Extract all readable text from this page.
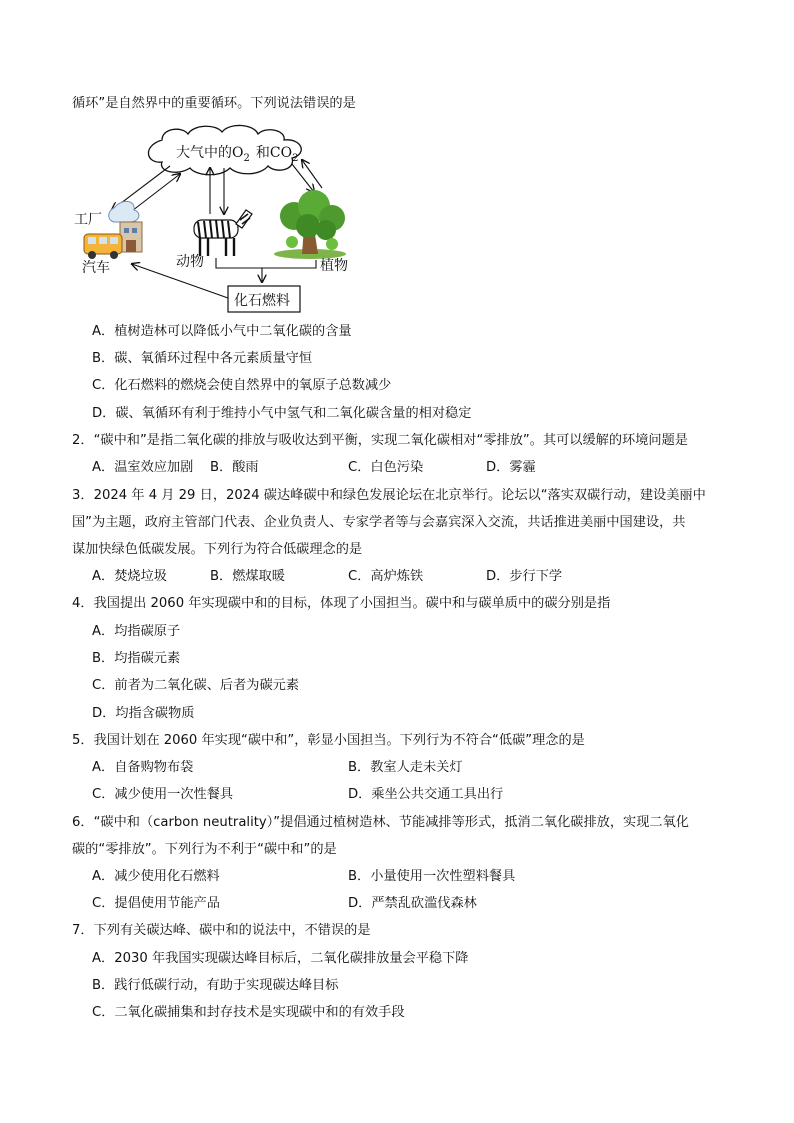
循环”是自然界中的重要循环。下列说法错误的是
大气中的$O_2$ 和$CO_2$
工厂
汽车	动物	植物
化石燃料
A．植树造林可以降低小气中二氧化碳的含量
B．碳、氧循环过程中各元素质量守恒
C．化石燃料的燃烧会使自然界中的氧原子总数减少
D．碳、氧循环有利于维持小气中氢气和二氧化碳含量的相对稳定
2．“碳中和”是指二氧化碳的排放与吸收达到平衡，实现二氧化碳相对“零排放”。其可以缓解的环境问题是
A．温室效应加剧 B．酸雨	C．白色污染	D．雾霾
3．2024 年 4 月 29 日，2024 碳达峰碳中和绿色发展论坛在北京举行。论坛以“落实双碳行动，建设美丽中
国”为主题，政府主管部门代表、企业负责人、专家学者等与会嘉宾深入交流，共话推进美丽中国建设，共
谋加快绿色低碳发展。下列行为符合低碳理念的是
A．焚烧垃圾	B．燃煤取暖	C．高炉炼铁	D．步行下学
4．我国提出 2060 年实现碳中和的目标，体现了小国担当。碳中和与碳单质中的碳分别是指
A．均指碳原子
B．均指碳元素
C．前者为二氧化碳、后者为碳元素
D．均指含碳物质
5．我国计划在 2060 年实现“碳中和”，彰显小国担当。下列行为不符合“低碳”理念的是
A．自备购物布袋	B．教室人走未关灯
C．减少使用一次性餐具	D．乘坐公共交通工具出行
6．“碳中和（carbon neutrality）”提倡通过植树造林、节能减排等形式，抵消二氧化碳排放，实现二氧化
碳的“零排放”。下列行为不利于“碳中和”的是
A．减少使用化石燃料	B．小量使用一次性塑料餐具
C．提倡使用节能产品	D．严禁乱砍滥伐森林
7．下列有关碳达峰、碳中和的说法中，不错误的是
A．2030 年我国实现碳达峰目标后，二氧化碳排放量会平稳下降
B．践行低碳行动，有助于实现碳达峰目标
C．二氧化碳捕集和封存技术是实现碳中和的有效手段
